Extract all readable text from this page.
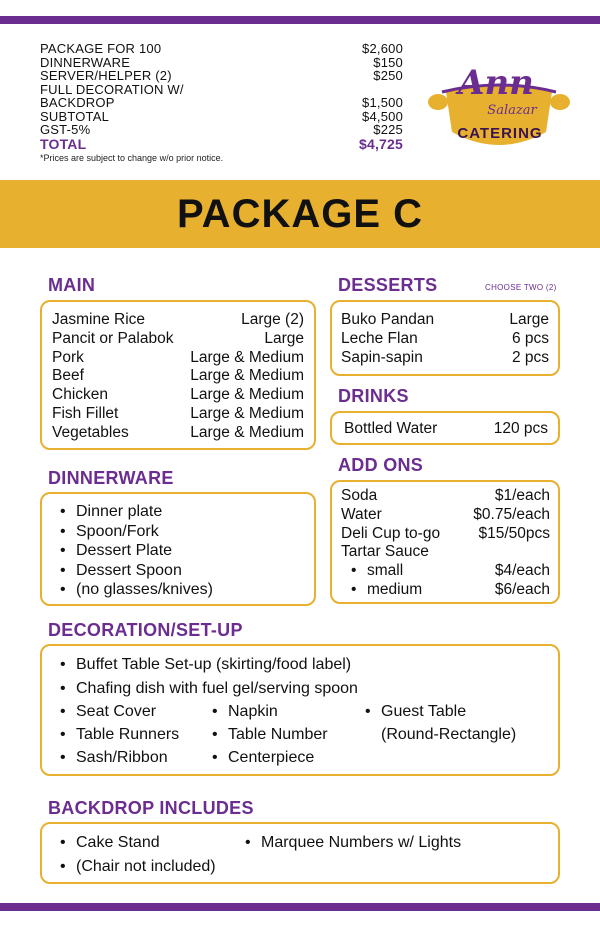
PACKAGE FOR 100	$2,600
DINNERWARE	$150
SERVER/HELPER (2)	$250
FULL DECORATION W/ BACKDROP	$1,500
SUBTOTAL	$4,500
GST-5%	$225
TOTAL	$4,725
*Prices are subject to change w/o prior notice.
Ann
Salazar
CATERING
PACKAGE C
MAIN
Jasmine Rice	Large (2)
Pancit or Palabok	Large
Pork	Large & Medium
Beef	Large & Medium
Chicken	Large & Medium
Fish Fillet	Large & Medium
Vegetables	Large & Medium
DESSERTS	CHOOSE TWO (2)
Buko Pandan	Large
Leche Flan	6 pcs
Sapin-sapin	2 pcs
DRINKS
Bottled Water	120 pcs
ADD ONS
Soda	$1/each
Water	$0.75/each
Deli Cup to-go $15/50pcs
Tartar Sauce
• small	$4/each
• medium	$6/each
DINNERWARE
• Dinner plate
• Spoon/Fork
• Dessert Plate
• Dessert Spoon
• (no glasses/knives)
DECORATION/SET-UP
• Buffet Table Set-up (skirting/food label)
• Chafing dish with fuel gel/serving spoon
• Seat Cover	• Napkin	• Guest Table
• Table Runners	• Table Number	(Round-Rectangle)
• Sash/Ribbon	• Centerpiece
BACKDROP INCLUDES
• Cake Stand	• Marquee Numbers w/ Lights
• (Chair not included)
